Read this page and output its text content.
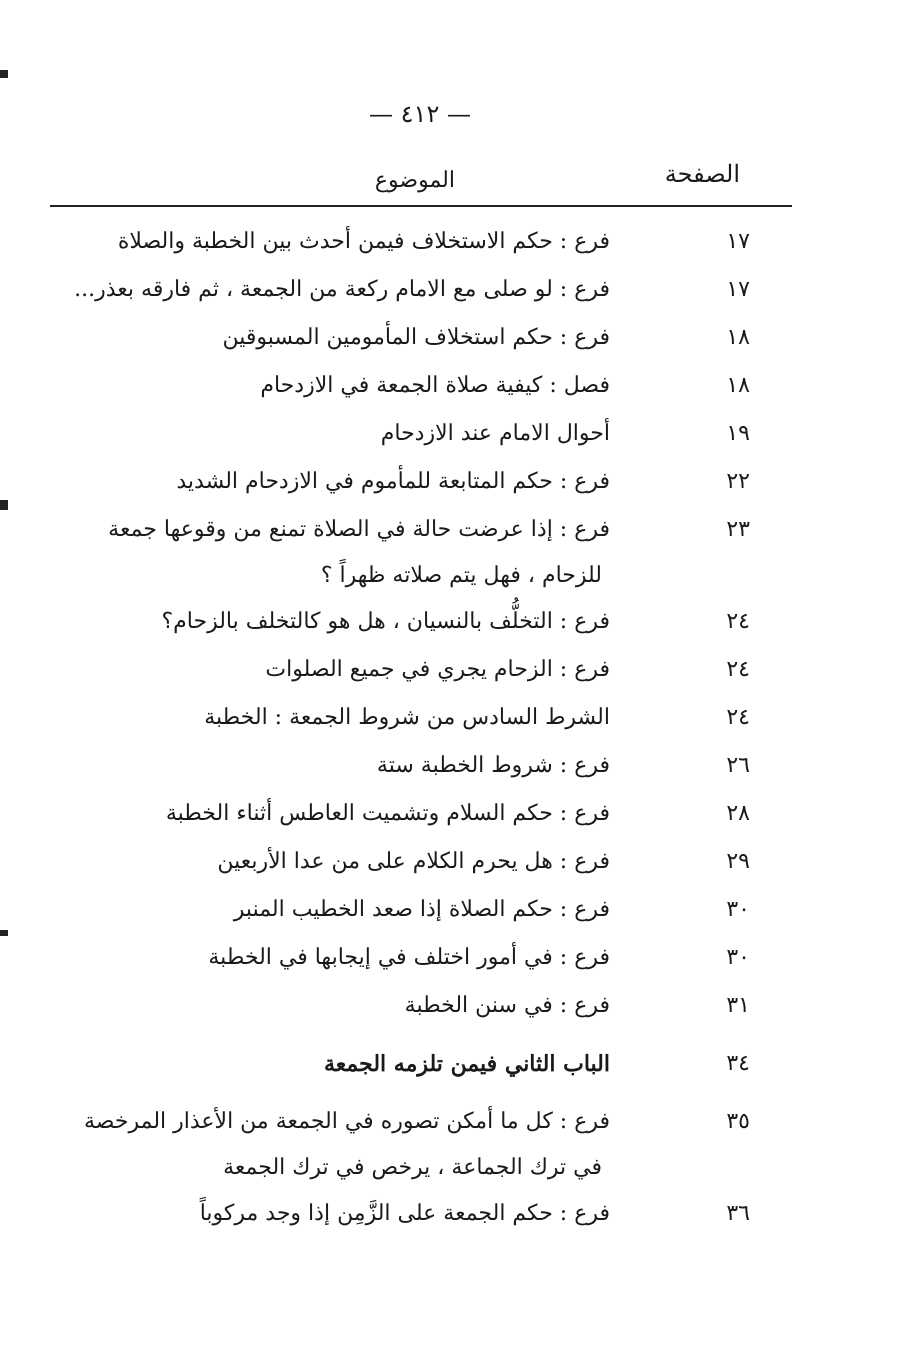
— ٤١٢ —
الصفحة
الموضوع
١٧
فرع : حكم الاستخلاف فيمن أحدث بين الخطبة والصلاة
١٧
فرع : لو صلى مع الامام ركعة من الجمعة ، ثم فارقه بعذر...
١٨
فرع : حكم استخلاف المأمومين المسبوقين
١٨
فصل : كيفية صلاة الجمعة في الازدحام
١٩
أحوال الامام عند الازدحام
٢٢
فرع : حكم المتابعة للمأموم في الازدحام الشديد
٢٣
فرع : إذا عرضت حالة في الصلاة تمنع من وقوعها جمعة
للزحام ، فهل يتم صلاته ظهراً ؟
٢٤
فرع : التخلُّف بالنسيان ، هل هو كالتخلف بالزحام؟
٢٤
فرع : الزحام يجري في جميع الصلوات
٢٤
الشرط السادس من شروط الجمعة : الخطبة
٢٦
فرع : شروط الخطبة ستة
٢٨
فرع : حكم السلام وتشميت العاطس أثناء الخطبة
٢٩
فرع : هل يحرم الكلام على من عدا الأربعين
٣٠
فرع : حكم الصلاة إذا صعد الخطيب المنبر
٣٠
فرع : في أمور اختلف في إيجابها في الخطبة
٣١
فرع : في سنن الخطبة
٣٤
الباب الثاني فيمن تلزمه الجمعة
٣٥
فرع : كل ما أمكن تصوره في الجمعة من الأعذار المرخصة
في ترك الجماعة ، يرخص في ترك الجمعة
٣٦
فرع : حكم الجمعة على الزَّمِن إذا وجد مركوباً
